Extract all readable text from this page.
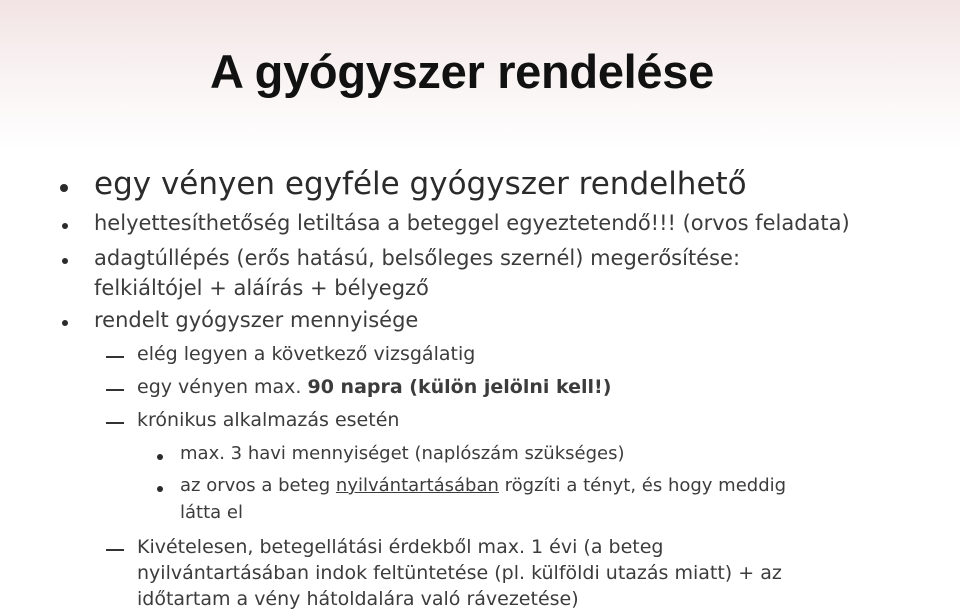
A gyógyszer rendelése
egy vényen egyféle gyógyszer rendelhető
helyettesíthetőség letiltása a beteggel egyeztetendő!!! (orvos feladata)
adagtúllépés (erős hatású, belsőleges szernél) megerősítése:
felkiáltójel + aláírás + bélyegző
rendelt gyógyszer mennyisége
elég legyen a következő vizsgálatig
egy vényen max. 90 napra (külön jelölni kell!)
krónikus alkalmazás esetén
max. 3 havi mennyiséget (naplószám szükséges)
az orvos a beteg nyilvántartásában rögzíti a tényt, és hogy meddig
látta el
Kivételesen, betegellátási érdekből max. 1 évi (a beteg
nyilvántartásában indok feltüntetése (pl. külföldi utazás miatt) + az
időtartam a vény hátoldalára való rávezetése)
